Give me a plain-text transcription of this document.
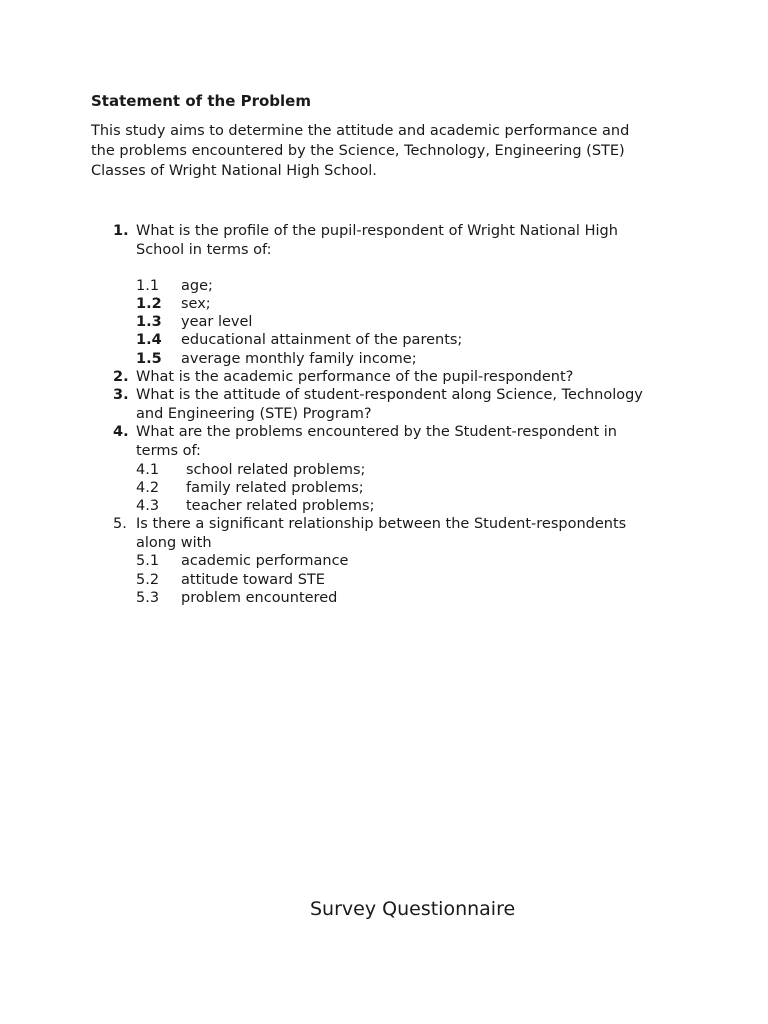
Statement of the Problem
This study aims to determine the attitude and academic performance and
the problems encountered by the Science, Technology, Engineering (STE)
Classes of Wright National High School.
1. What is the profile of the pupil-respondent of Wright National High
School in terms of:
1.1 age;
1.2 sex;
1.3 year level
1.4 educational attainment of the parents;
1.5 average monthly family income;
2. What is the academic performance of the pupil-respondent?
3. What is the attitude of student-respondent along Science, Technology
and Engineering (STE) Program?
4. What are the problems encountered by the Student-respondent in
terms of:
4.1 school related problems;
4.2 family related problems;
4.3 teacher related problems;
5. Is there a significant relationship between the Student-respondents
along with
5.1 academic performance
5.2 attitude toward STE
5.3 problem encountered
Survey Questionnaire
